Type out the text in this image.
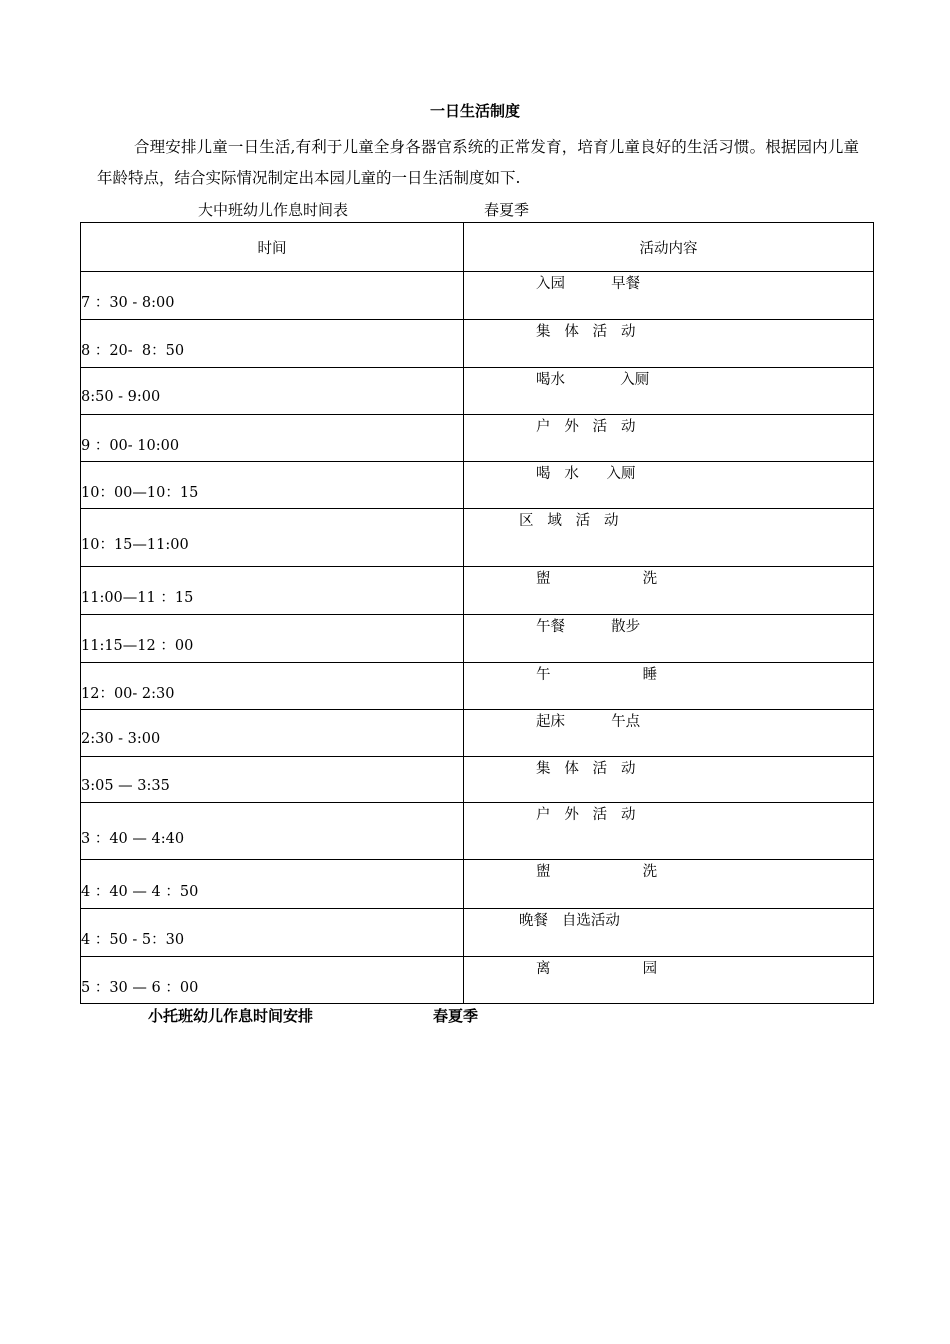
一日生活制度
合理安排儿童一日生活,有利于儿童全身各器官系统的正常发育，培育儿童良好的生活习惯。根据园内儿童年龄特点，结合实际情况制定出本园儿童的一日生活制度如下.
大中班幼儿作息时间表	春夏季
时间	活动内容
7 ：30 - 8:00	入园          早餐
8 ：20-  8：50	集   体   活   动
8:50 - 9:00	喝水            入厕
9 ：00- 10:00	户   外   活   动
10：00—10：15	喝   水      入厕
10：15—11:00	区   域   活   动
11:00—11 ：15	盥                    洗
11:15—12 ：00	午餐          散步
12：00- 2:30	午                    睡
2:30 - 3:00	起床          午点
3:05 — 3:35	集   体   活   动
3 ：40 — 4:40	户   外   活   动
4 ：40 — 4 ：50	盥                    洗
4 ：50 - 5：30	晚餐   自选活动
5 ：30 — 6 ：00	离                    园
小托班幼儿作息时间安排	春夏季
